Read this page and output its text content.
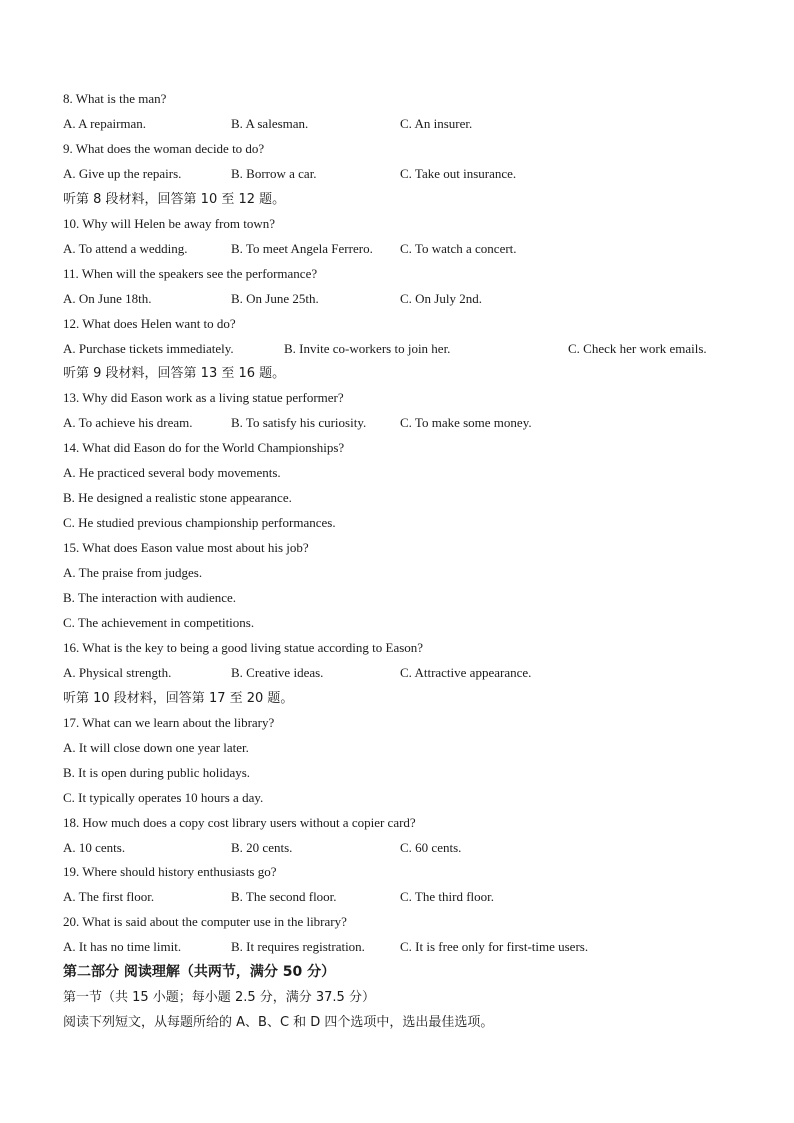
8. What is the man?
A. A repairman.	B. A salesman.	C. An insurer.
9. What does the woman decide to do?
A. Give up the repairs.	B. Borrow a car.	C. Take out insurance.
听第 8 段材料，回答第 10 至 12 题。
10. Why will Helen be away from town?
A. To attend a wedding.	B. To meet Angela Ferrero. C. To watch a concert.
11. When will the speakers see the performance?
A. On June 18th.	B. On June 25th.	C. On July 2nd.
12. What does Helen want to do?
A. Purchase tickets immediately.	B. Invite co-workers to join her.	C. Check her work emails.
听第 9 段材料，回答第 13 至 16 题。
13. Why did Eason work as a living statue performer?
A. To achieve his dream.	B. To satisfy his curiosity.	C. To make some money.
14. What did Eason do for the World Championships?
A. He practiced several body movements.
B. He designed a realistic stone appearance.
C. He studied previous championship performances.
15. What does Eason value most about his job?
A. The praise from judges.
B. The interaction with audience.
C. The achievement in competitions.
16. What is the key to being a good living statue according to Eason?
A. Physical strength.	B. Creative ideas.	C. Attractive appearance.
听第 10 段材料，回答第 17 至 20 题。
17. What can we learn about the library?
A. It will close down one year later.
B. It is open during public holidays.
C. It typically operates 10 hours a day.
18. How much does a copy cost library users without a copier card?
A. 10 cents.	B. 20 cents.	C. 60 cents.
19. Where should history enthusiasts go?
A. The first floor.	B. The second floor.	C. The third floor.
20. What is said about the computer use in the library?
A. It has no time limit.	B. It requires registration.	C. It is free only for first-time users.
第二部分 阅读理解（共两节，满分 50 分）
第一节（共 15 小题；每小题 2.5 分，满分 37.5 分）
阅读下列短文，从每题所给的 A、B、C 和 D 四个选项中，选出最佳选项。
